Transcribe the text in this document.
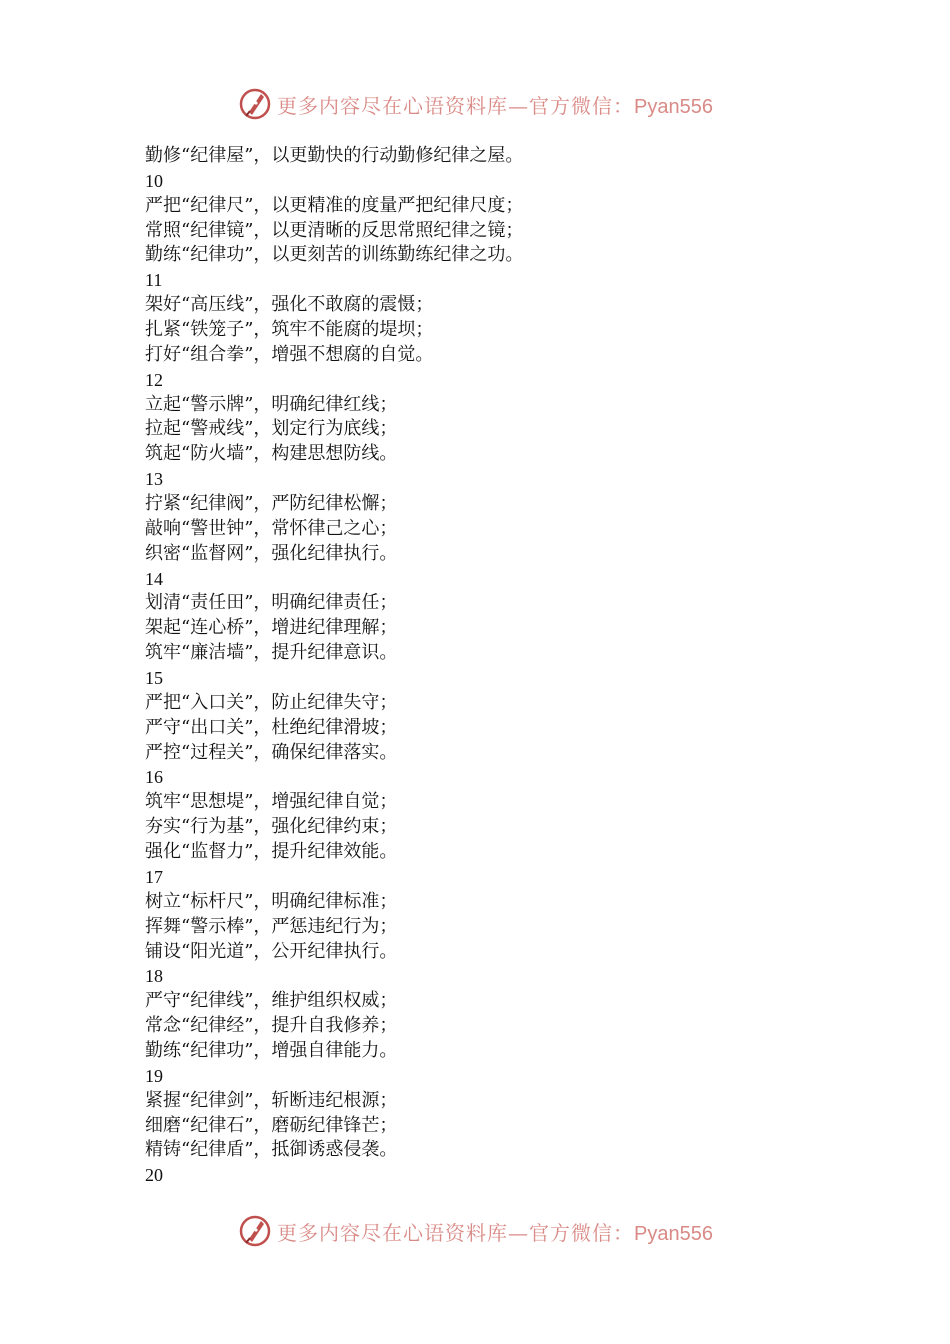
更多内容尽在心语资料库—官方微信：Pyan556
勤修“纪律屋”，以更勤快的行动勤修纪律之屋。
10
严把“纪律尺”，以更精准的度量严把纪律尺度；
常照“纪律镜”，以更清晰的反思常照纪律之镜；
勤练“纪律功”，以更刻苦的训练勤练纪律之功。
11
架好“高压线”，强化不敢腐的震慑；
扎紧“铁笼子”，筑牢不能腐的堤坝；
打好“组合拳”，增强不想腐的自觉。
12
立起“警示牌”，明确纪律红线；
拉起“警戒线”，划定行为底线；
筑起“防火墙”，构建思想防线。
13
拧紧“纪律阀”，严防纪律松懈；
敲响“警世钟”，常怀律己之心；
织密“监督网”，强化纪律执行。
14
划清“责任田”，明确纪律责任；
架起“连心桥”，增进纪律理解；
筑牢“廉洁墙”，提升纪律意识。
15
严把“入口关”，防止纪律失守；
严守“出口关”，杜绝纪律滑坡；
严控“过程关”，确保纪律落实。
16
筑牢“思想堤”，增强纪律自觉；
夯实“行为基”，强化纪律约束；
强化“监督力”，提升纪律效能。
17
树立“标杆尺”，明确纪律标准；
挥舞“警示棒”，严惩违纪行为；
铺设“阳光道”，公开纪律执行。
18
严守“纪律线”，维护组织权威；
常念“纪律经”，提升自我修养；
勤练“纪律功”，增强自律能力。
19
紧握“纪律剑”，斩断违纪根源；
细磨“纪律石”，磨砺纪律锋芒；
精铸“纪律盾”，抵御诱惑侵袭。
20
更多内容尽在心语资料库—官方微信：Pyan556
